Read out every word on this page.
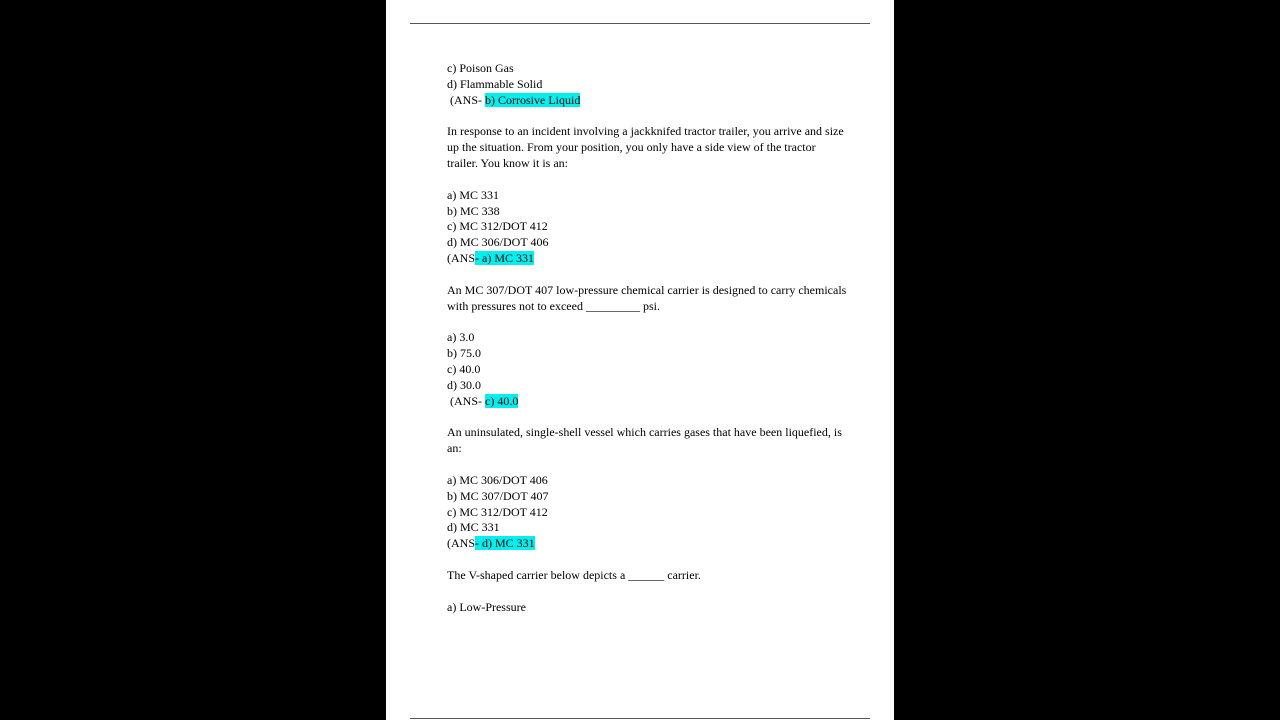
c) Poison Gas
d) Flammable Solid
(ANS- b) Corrosive Liquid
In response to an incident involving a jackknifed tractor trailer, you arrive and size
up the situation. From your position, you only have a side view of the tractor
trailer. You know it is an:
a) MC 331
b) MC 338
c) MC 312/DOT 412
d) MC 306/DOT 406
(ANS- a) MC 331
An MC 307/DOT 407 low-pressure chemical carrier is designed to carry chemicals
with pressures not to exceed _________ psi.
a) 3.0
b) 75.0
c) 40.0
d) 30.0
(ANS- c) 40.0
An uninsulated, single-shell vessel which carries gases that have been liquefied, is
an:
a) MC 306/DOT 406
b) MC 307/DOT 407
c) MC 312/DOT 412
d) MC 331
(ANS- d) MC 331
The V-shaped carrier below depicts a ______ carrier.
a) Low-Pressure
